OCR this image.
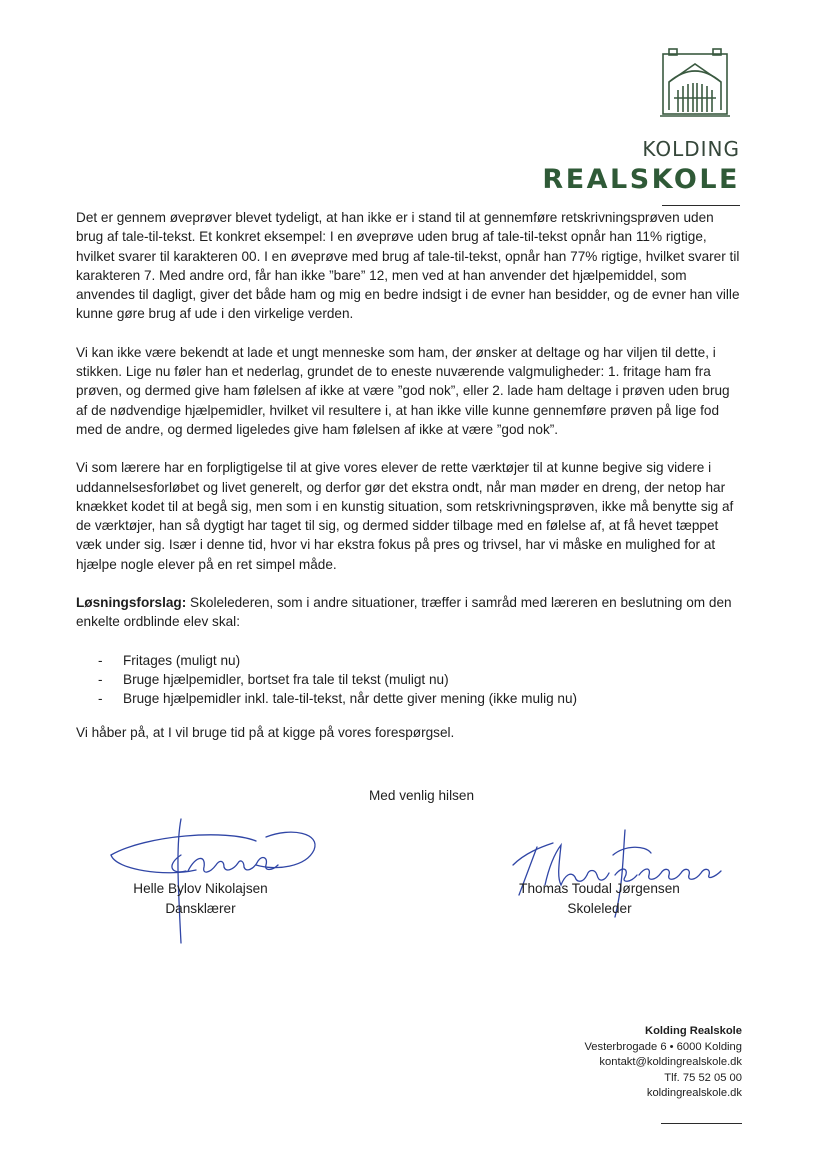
KOLDING
REALSKOLE

Det er gennem øveprøver blevet tydeligt, at han ikke er i stand til at gennemføre retskrivningsprøven uden brug af tale-til-tekst. Et konkret eksempel: I en øveprøve uden brug af tale-til-tekst opnår han 11% rigtige, hvilket svarer til karakteren 00. I en øveprøve med brug af tale-til-tekst, opnår han 77% rigtige, hvilket svarer til karakteren 7. Med andre ord, får han ikke ”bare” 12, men ved at han anvender det hjælpemiddel, som anvendes til dagligt, giver det både ham og mig en bedre indsigt i de evner han besidder, og de evner han ville kunne gøre brug af ude i den virkelige verden.

Vi kan ikke være bekendt at lade et ungt menneske som ham, der ønsker at deltage og har viljen til dette, i stikken. Lige nu føler han et nederlag, grundet de to eneste nuværende valgmuligheder: 1. fritage ham fra prøven, og dermed give ham følelsen af ikke at være ”god nok”, eller 2. lade ham deltage i prøven uden brug af de nødvendige hjælpemidler, hvilket vil resultere i, at han ikke ville kunne gennemføre prøven på lige fod med de andre, og dermed ligeledes give ham følelsen af ikke at være ”god nok”.

Vi som lærere har en forpligtigelse til at give vores elever de rette værktøjer til at kunne begive sig videre i uddannelsesforløbet og livet generelt, og derfor gør det ekstra ondt, når man møder en dreng, der netop har knækket kodet til at begå sig, men som i en kunstig situation, som retskrivningsprøven, ikke må benytte sig af de værktøjer, han så dygtigt har taget til sig, og dermed sidder tilbage med en følelse af, at få hevet tæppet væk under sig. Især i denne tid, hvor vi har ekstra fokus på pres og trivsel, har vi måske en mulighed for at hjælpe nogle elever på en ret simpel måde.

Løsningsforslag: Skolelederen, som i andre situationer, træffer i samråd med læreren en beslutning om den enkelte ordblinde elev skal:

- Fritages (muligt nu)
- Bruge hjælpemidler, bortset fra tale til tekst (muligt nu)
- Bruge hjælpemidler inkl. tale-til-tekst, når dette giver mening (ikke mulig nu)

Vi håber på, at I vil bruge tid på at kigge på vores forespørgsel.

Med venlig hilsen
Helle Bylov Nikolajsen
Dansklærer
Thomas Toudal Jørgensen
Skoleleder
Kolding Realskole
Vesterbrogade 6 • 6000 Kolding
kontakt@koldingrealskole.dk
Tlf. 75 52 05 00
koldingrealskole.dk
